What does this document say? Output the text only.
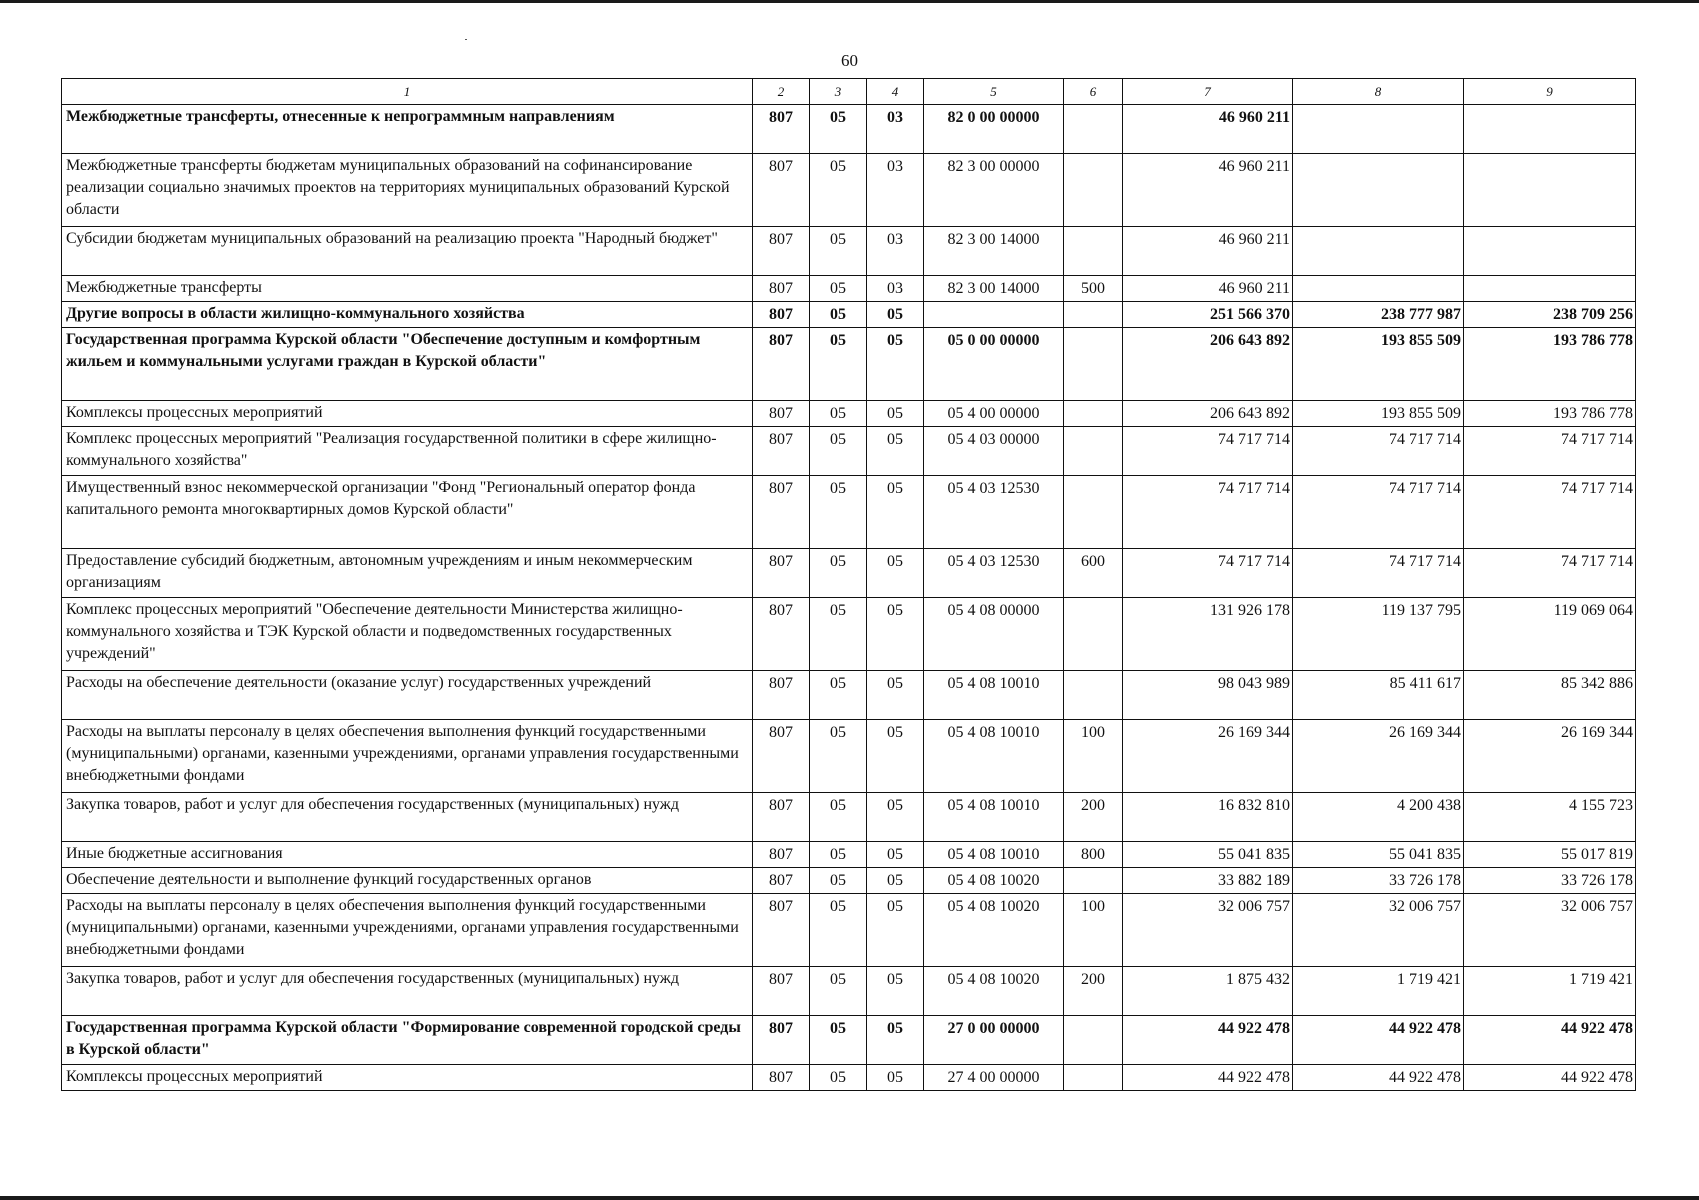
60
1	2	3	4	5	6	7	8	9
Межбюджетные трансферты, отнесенные к непрограммным направлениям	807	05	03	82 0 00 00000		46 960 211		
Межбюджетные трансферты бюджетам муниципальных образований на софинансирование реализации социально значимых проектов на территориях муниципальных образований Курской области	807	05	03	82 3 00 00000		46 960 211		
Субсидии бюджетам муниципальных образований на реализацию проекта "Народный бюджет"	807	05	03	82 3 00 14000		46 960 211		
Межбюджетные трансферты	807	05	03	82 3 00 14000	500	46 960 211		
Другие вопросы в области жилищно-коммунального хозяйства	807	05	05			251 566 370	238 777 987	238 709 256
Государственная программа Курской области "Обеспечение доступным и комфортным жильем и коммунальными услугами граждан в Курской области"	807	05	05	05 0 00 00000		206 643 892	193 855 509	193 786 778
Комплексы процессных мероприятий	807	05	05	05 4 00 00000		206 643 892	193 855 509	193 786 778
Комплекс процессных мероприятий "Реализация государственной политики в сфере жилищно-коммунального хозяйства"	807	05	05	05 4 03 00000		74 717 714	74 717 714	74 717 714
Имущественный взнос некоммерческой организации "Фонд "Региональный оператор фонда капитального ремонта многоквартирных домов Курской области"	807	05	05	05 4 03 12530		74 717 714	74 717 714	74 717 714
Предоставление субсидий бюджетным, автономным учреждениям и иным некоммерческим организациям	807	05	05	05 4 03 12530	600	74 717 714	74 717 714	74 717 714
Комплекс процессных мероприятий "Обеспечение деятельности Министерства жилищно-коммунального хозяйства и ТЭК Курской области и подведомственных государственных учреждений"	807	05	05	05 4 08 00000		131 926 178	119 137 795	119 069 064
Расходы на обеспечение деятельности (оказание услуг) государственных учреждений	807	05	05	05 4 08 10010		98 043 989	85 411 617	85 342 886
Расходы на выплаты персоналу в целях обеспечения выполнения функций государственными (муниципальными) органами, казенными учреждениями, органами управления государственными внебюджетными фондами	807	05	05	05 4 08 10010	100	26 169 344	26 169 344	26 169 344
Закупка товаров, работ и услуг для обеспечения государственных (муниципальных) нужд	807	05	05	05 4 08 10010	200	16 832 810	4 200 438	4 155 723
Иные бюджетные ассигнования	807	05	05	05 4 08 10010	800	55 041 835	55 041 835	55 017 819
Обеспечение деятельности и выполнение функций государственных органов	807	05	05	05 4 08 10020		33 882 189	33 726 178	33 726 178
Расходы на выплаты персоналу в целях обеспечения выполнения функций государственными (муниципальными) органами, казенными учреждениями, органами управления государственными внебюджетными фондами	807	05	05	05 4 08 10020	100	32 006 757	32 006 757	32 006 757
Закупка товаров, работ и услуг для обеспечения государственных (муниципальных) нужд	807	05	05	05 4 08 10020	200	1 875 432	1 719 421	1 719 421
Государственная программа Курской области "Формирование современной городской среды в Курской области"	807	05	05	27 0 00 00000		44 922 478	44 922 478	44 922 478
Комплексы процессных мероприятий	807	05	05	27 4 00 00000		44 922 478	44 922 478	44 922 478
